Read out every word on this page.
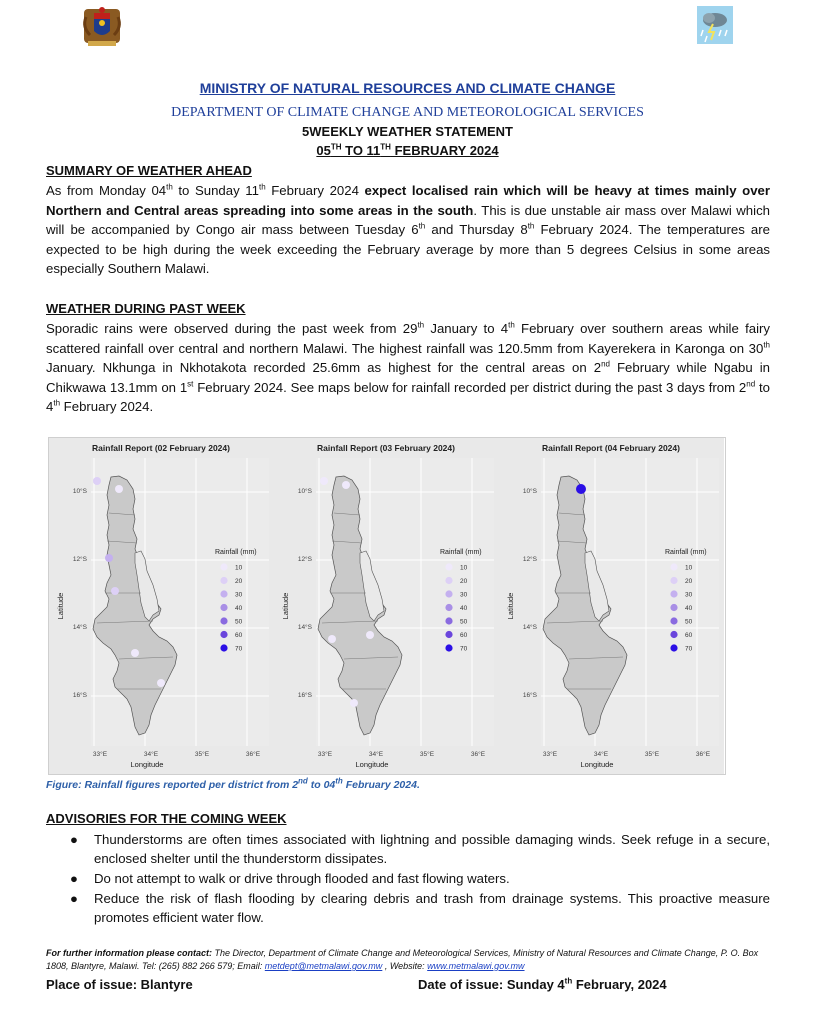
MINISTRY OF NATURAL RESOURCES AND CLIMATE CHANGE
DEPARTMENT OF CLIMATE CHANGE AND METEOROLOGICAL SERVICES
5WEEKLY WEATHER STATEMENT
05TH TO 11TH FEBRUARY 2024
SUMMARY OF WEATHER AHEAD
As from Monday 04th to Sunday 11th February 2024 expect localised rain which will be heavy at times mainly over Northern and Central areas spreading into some areas in the south. This is due unstable air mass over Malawi which will be accompanied by Congo air mass between Tuesday 6th and Thursday 8th February 2024. The temperatures are expected to be high during the week exceeding the February average by more than 5 degrees Celsius in some areas especially Southern Malawi.
WEATHER DURING PAST WEEK
Sporadic rains were observed during the past week from 29th January to 4th February over southern areas while fairy scattered rainfall over central and northern Malawi. The highest rainfall was 120.5mm from Kayerekera in Karonga on 30th January. Nkhunga in Nkhotakota recorded 25.6mm as highest for the central areas on 2nd February while Ngabu in Chikwawa 13.1mm on 1st February 2024. See maps below for rainfall recorded per district during the past 3 days from 2nd to 4th February 2024.
Rainfall Report (02 February 2024)
10°S
12°S
14°S
16°S
33°E	34°E	35°E	36°E
Longitude
Latitude
Rainfall (mm)
10
20
30
40
50
60
70
Rainfall Report (03 February 2024)
10°S
12°S
14°S
16°S
33°E	34°E	35°E	36°E
Longitude
Latitude
Rainfall (mm)
10
20
30
40
50
60
70
Rainfall Report (04 February 2024)
10°S
12°S
14°S
16°S
33°E	34°E	35°E	36°E
Longitude
Latitude
Rainfall (mm)
10
20
30
40
50
60
70
Figure: Rainfall figures reported per district from 2nd to 04th February 2024.
ADVISORIES FOR THE COMING WEEK
● Thunderstorms are often times associated with lightning and possible damaging winds. Seek refuge in a secure, enclosed shelter until the thunderstorm dissipates.
● Do not attempt to walk or drive through flooded and fast flowing waters.
● Reduce the risk of flash flooding by clearing debris and trash from drainage systems. This proactive measure promotes efficient water flow.
For further information please contact: The Director, Department of Climate Change and Meteorological Services, Ministry of Natural Resources and Climate Change, P. O. Box 1808, Blantyre, Malawi. Tel: (265) 882 266 579; Email: metdept@metmalawi.gov.mw , Website: www.metmalawi.gov.mw
Place of issue: Blantyre	Date of issue: Sunday 4th February, 2024
